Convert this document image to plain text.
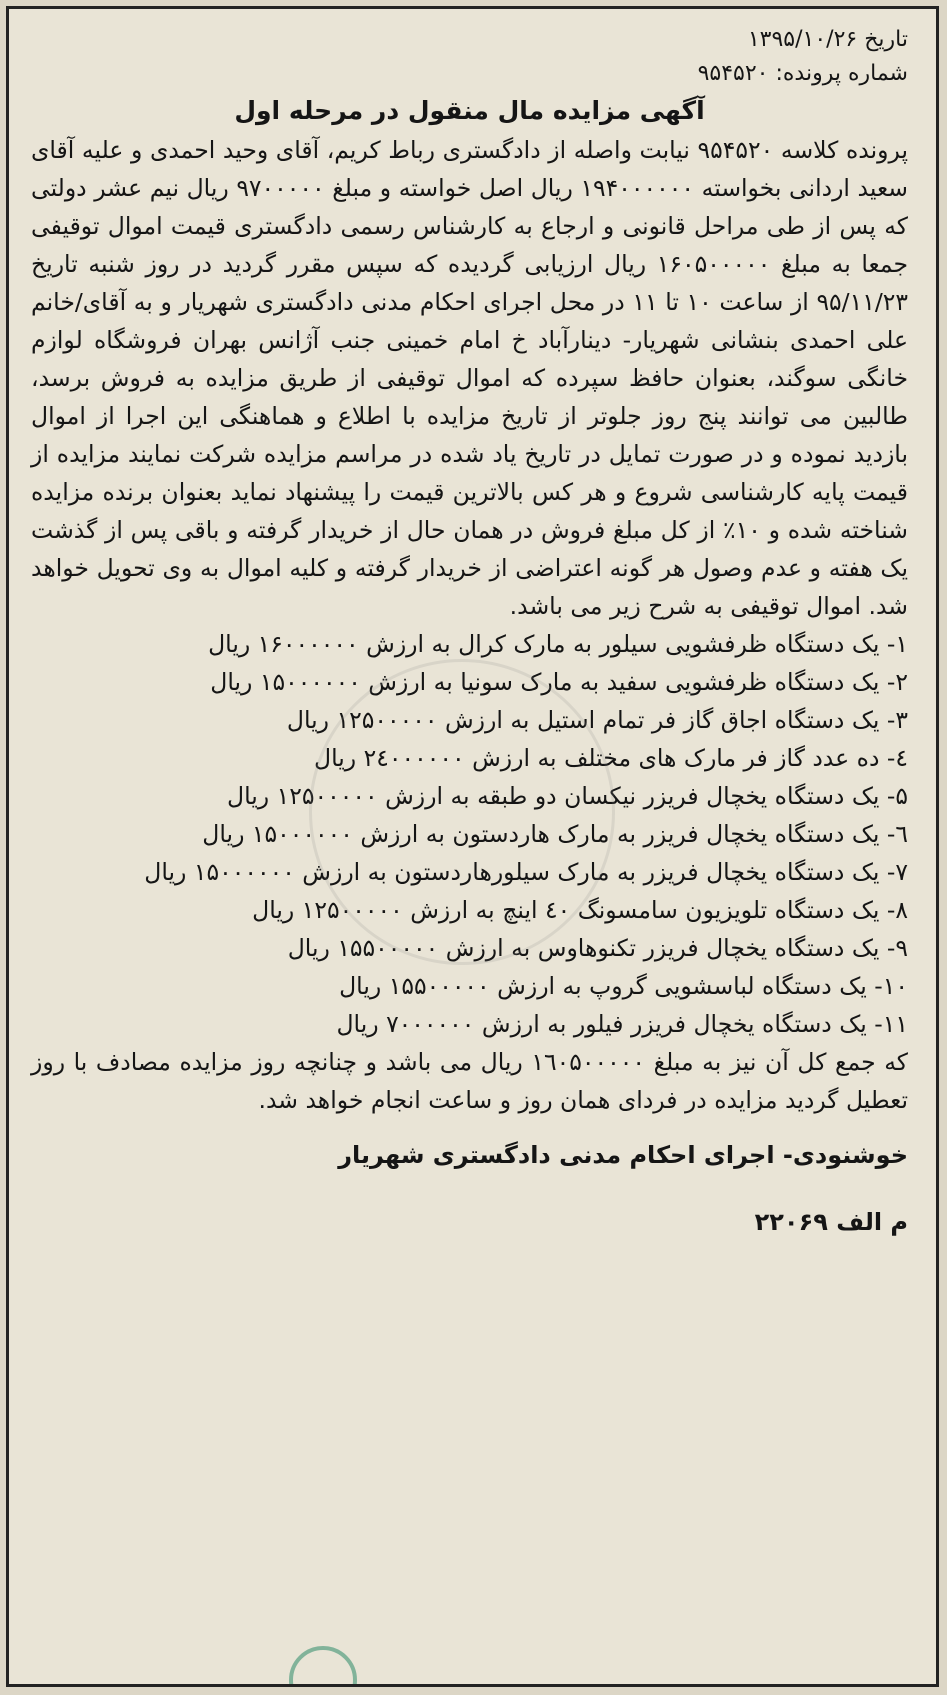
تاریخ ۱۳۹۵/۱۰/۲۶

شماره پرونده: ۹۵۴۵۲۰

آگهی مزایده مال منقول در مرحله اول

پرونده کلاسه ۹۵۴۵۲۰ نیابت واصله از دادگستری رباط کریم، آقای وحید احمدی و علیه آقای سعید اردانی بخواسته ۱۹۴۰۰۰۰۰۰ ریال اصل خواسته و مبلغ ۹۷۰۰۰۰۰ ریال نیم عشر دولتی که پس از طی مراحل قانونی و ارجاع به کارشناس رسمی دادگستری قیمت اموال توقیفی جمعا به مبلغ ۱۶۰۵۰۰۰۰۰ ریال ارزیابی گردیده که سپس مقرر گردید در روز شنبه تاریخ ۹۵/۱۱/۲۳ از ساعت ۱۰ تا ۱۱ در محل اجرای احکام مدنی دادگستری شهریار و به آقای/خانم علی احمدی بنشانی شهریار- دینارآباد خ امام خمینی جنب آژانس بهران فروشگاه لوازم خانگی سوگند، بعنوان حافظ سپرده که اموال توقیفی از طریق مزایده به فروش برسد، طالبین می توانند پنج روز جلوتر از تاریخ مزایده با اطلاع و هماهنگی این اجرا از اموال بازدید نموده و در صورت تمایل در تاریخ یاد شده در مراسم مزایده شرکت نمایند مزایده از قیمت پایه کارشناسی شروع و هر کس بالاترین قیمت را پیشنهاد نماید بعنوان برنده مزایده شناخته شده و ۱۰٪ از کل مبلغ فروش در همان حال از خریدار گرفته و باقی پس از گذشت یک هفته و عدم وصول هر گونه اعتراضی از خریدار گرفته و کلیه اموال به وی تحویل خواهد شد. اموال توقیفی به شرح زیر می باشد.

۱- یک دستگاه ظرفشویی سیلور به مارک کرال به ارزش ۱۶۰۰۰۰۰۰ ریال
۲- یک دستگاه ظرفشویی سفید به مارک سونیا به ارزش ۱۵۰۰۰۰۰۰ ریال
۳- یک دستگاه اجاق گاز فر تمام استیل به ارزش ۱۲۵۰۰۰۰۰ ریال
٤- ده عدد گاز فر مارک های مختلف به ارزش ۲٤۰۰۰۰۰۰ ریال
۵- یک دستگاه یخچال فریزر نیکسان دو طبقه به ارزش ۱۲۵۰۰۰۰۰ ریال
٦- یک دستگاه یخچال فریزر به مارک هاردستون به ارزش ۱۵۰۰۰۰۰۰ ریال
۷- یک دستگاه یخچال فریزر به مارک سیلورهاردستون به ارزش ۱۵۰۰۰۰۰۰ ریال
۸- یک دستگاه تلویزیون سامسونگ ٤۰ اینچ به ارزش ۱۲۵۰۰۰۰۰ ریال
۹- یک دستگاه یخچال فریزر تکنوهاوس به ارزش ۱۵۵۰۰۰۰۰ ریال
۱۰- یک دستگاه لباسشویی گروپ به ارزش ۱۵۵۰۰۰۰۰ ریال
۱۱- یک دستگاه یخچال فریزر فیلور به ارزش ۷۰۰۰۰۰۰ ریال

که جمع کل آن نیز به مبلغ ۱٦۰۵۰۰۰۰۰ ریال می باشد و چنانچه روز مزایده مصادف با روز تعطیل گردید مزایده در فردای همان روز و ساعت انجام خواهد شد.

خوشنودی- اجرای احکام مدنی دادگستری شهریار
م الف ۲۲۰۶۹
